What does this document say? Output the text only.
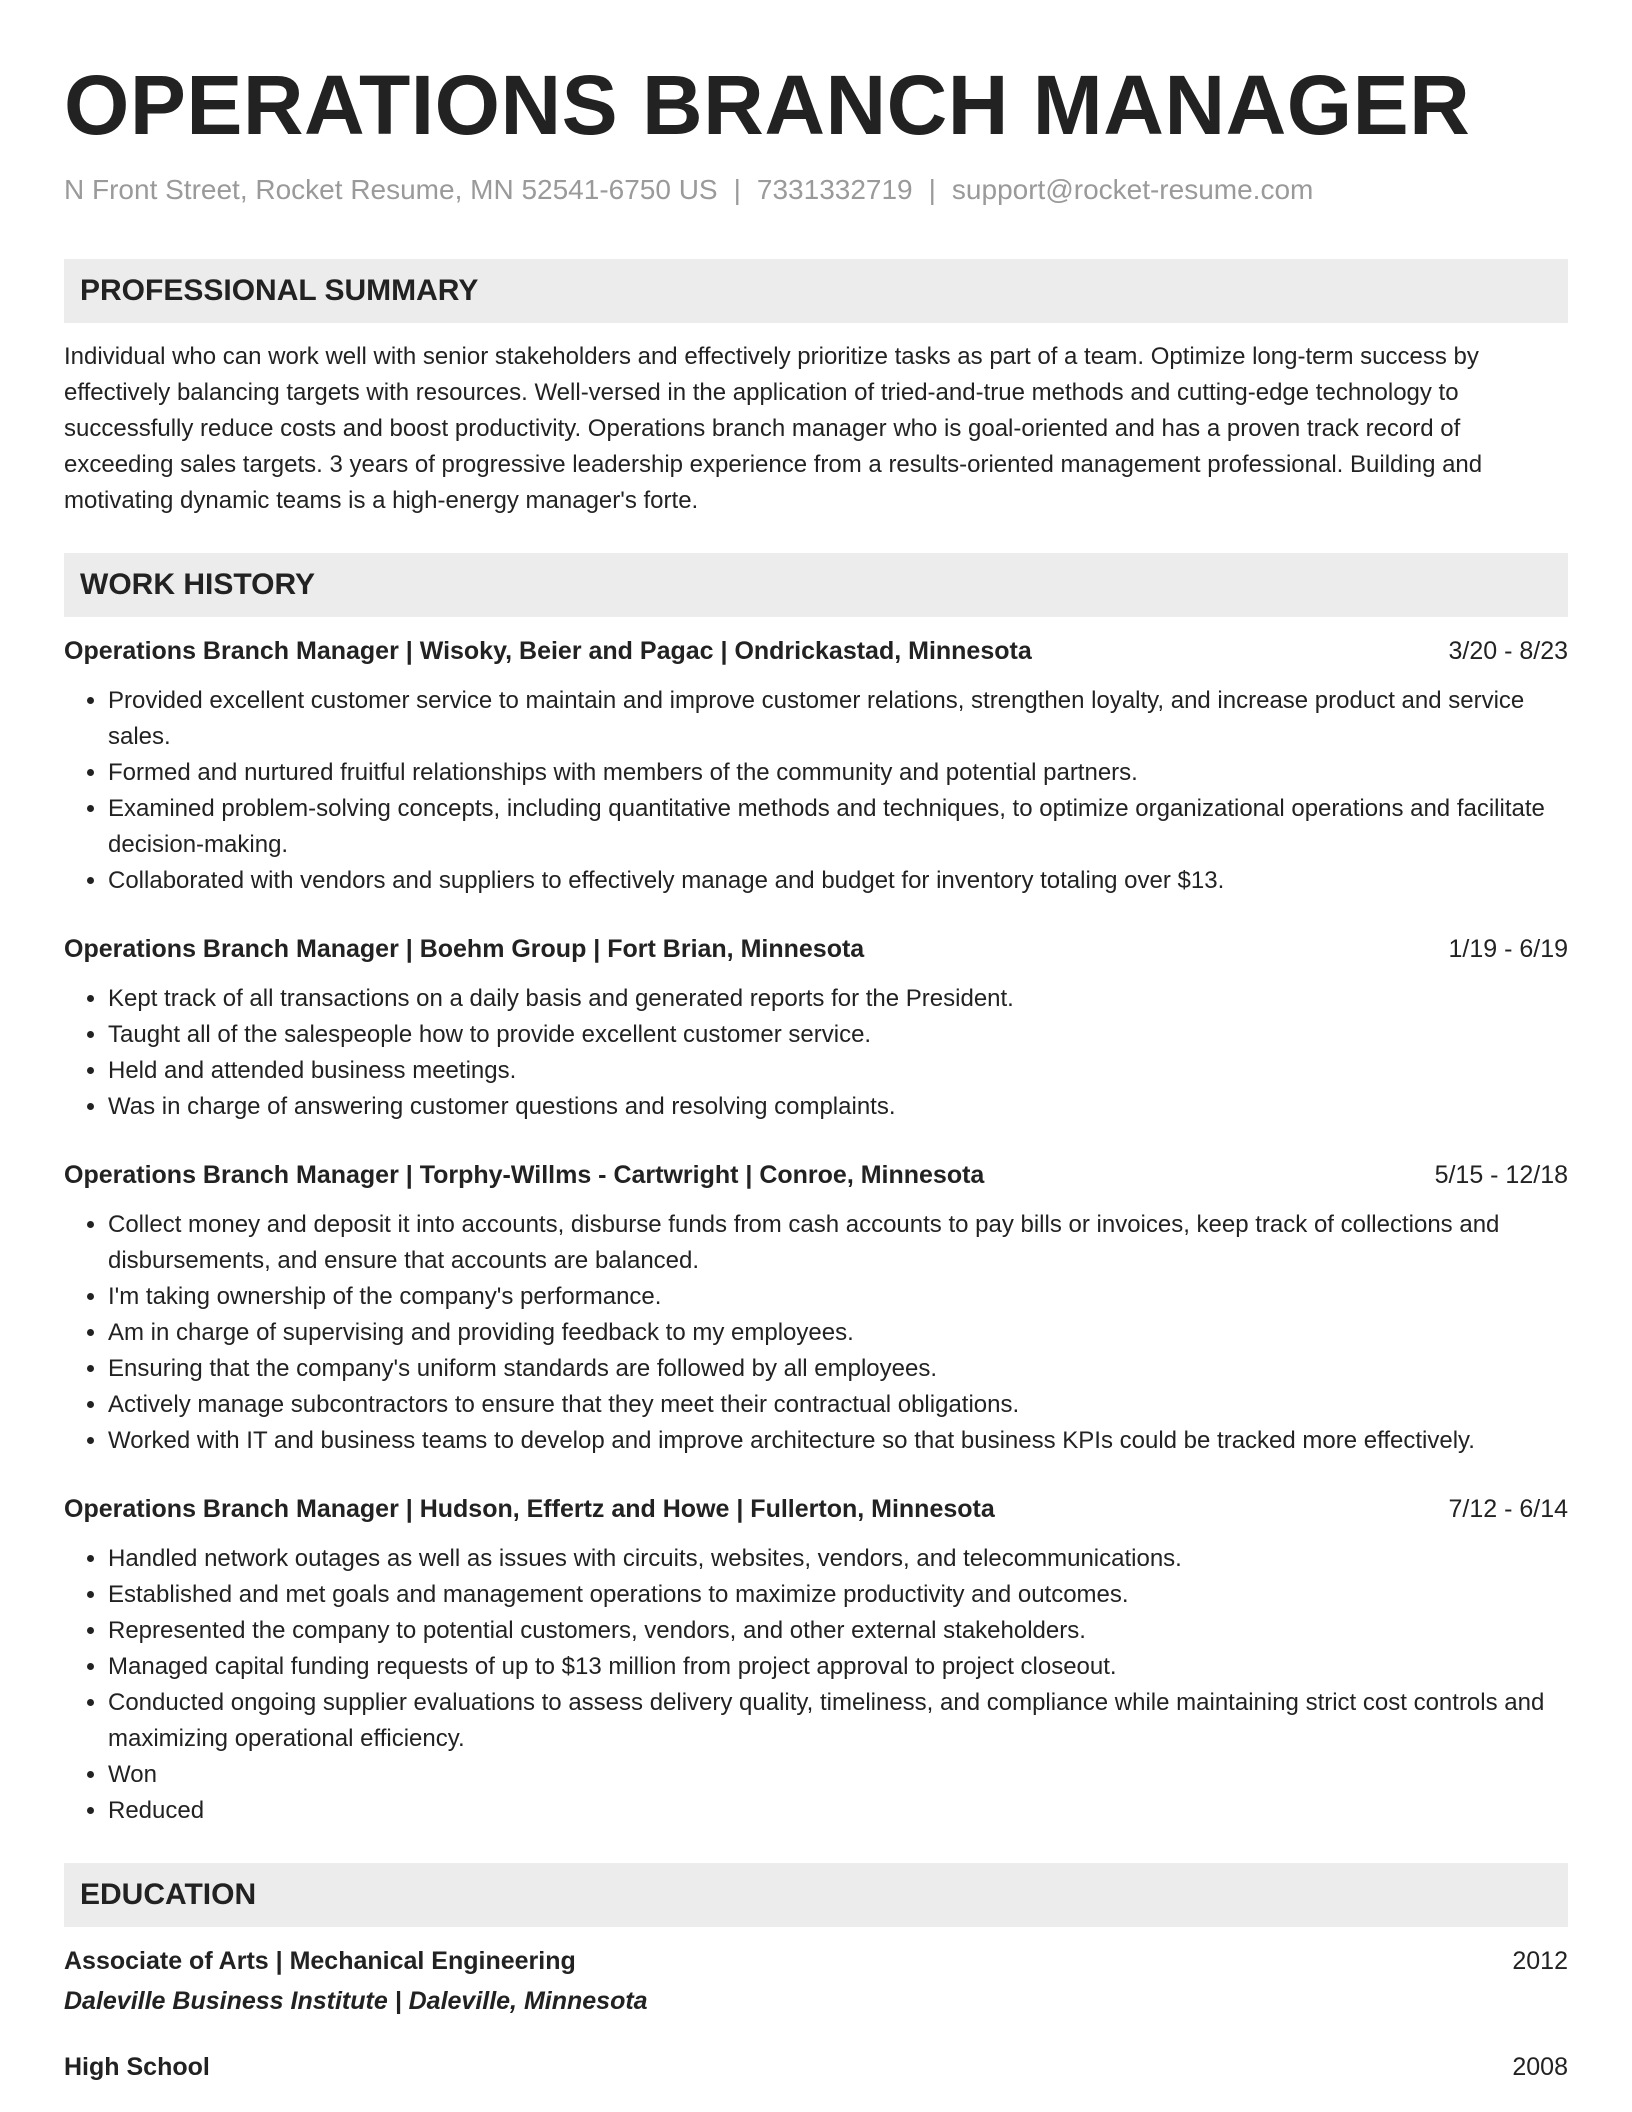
OPERATIONS BRANCH MANAGER
N Front Street, Rocket Resume, MN 52541-6750 US | 7331332719 | support@rocket-resume.com
PROFESSIONAL SUMMARY

Individual who can work well with senior stakeholders and effectively prioritize tasks as part of a team. Optimize long-term success by effectively balancing targets with resources. Well-versed in the application of tried-and-true methods and cutting-edge technology to successfully reduce costs and boost productivity. Operations branch manager who is goal-oriented and has a proven track record of exceeding sales targets. 3 years of progressive leadership experience from a results-oriented management professional. Building and motivating dynamic teams is a high-energy manager's forte.

WORK HISTORY
Operations Branch Manager | Wisoky, Beier and Pagac | Ondrickastad, Minnesota	3/20 - 8/23
• Provided excellent customer service to maintain and improve customer relations, strengthen loyalty, and increase product and service sales.
• Formed and nurtured fruitful relationships with members of the community and potential partners.
• Examined problem-solving concepts, including quantitative methods and techniques, to optimize organizational operations and facilitate decision-making.
• Collaborated with vendors and suppliers to effectively manage and budget for inventory totaling over $13.
Operations Branch Manager | Boehm Group | Fort Brian, Minnesota	1/19 - 6/19
• Kept track of all transactions on a daily basis and generated reports for the President.
• Taught all of the salespeople how to provide excellent customer service.
• Held and attended business meetings.
• Was in charge of answering customer questions and resolving complaints.
Operations Branch Manager | Torphy-Willms - Cartwright | Conroe, Minnesota	5/15 - 12/18
• Collect money and deposit it into accounts, disburse funds from cash accounts to pay bills or invoices, keep track of collections and disbursements, and ensure that accounts are balanced.
• I'm taking ownership of the company's performance.
• Am in charge of supervising and providing feedback to my employees.
• Ensuring that the company's uniform standards are followed by all employees.
• Actively manage subcontractors to ensure that they meet their contractual obligations.
• Worked with IT and business teams to develop and improve architecture so that business KPIs could be tracked more effectively.
Operations Branch Manager | Hudson, Effertz and Howe | Fullerton, Minnesota	7/12 - 6/14
• Handled network outages as well as issues with circuits, websites, vendors, and telecommunications.
• Established and met goals and management operations to maximize productivity and outcomes.
• Represented the company to potential customers, vendors, and other external stakeholders.
• Managed capital funding requests of up to $13 million from project approval to project closeout.
• Conducted ongoing supplier evaluations to assess delivery quality, timeliness, and compliance while maintaining strict cost controls and maximizing operational efficiency.
• Won
• Reduced
EDUCATION
Associate of Arts | Mechanical Engineering	2012
Daleville Business Institute | Daleville, Minnesota
High School	2008
